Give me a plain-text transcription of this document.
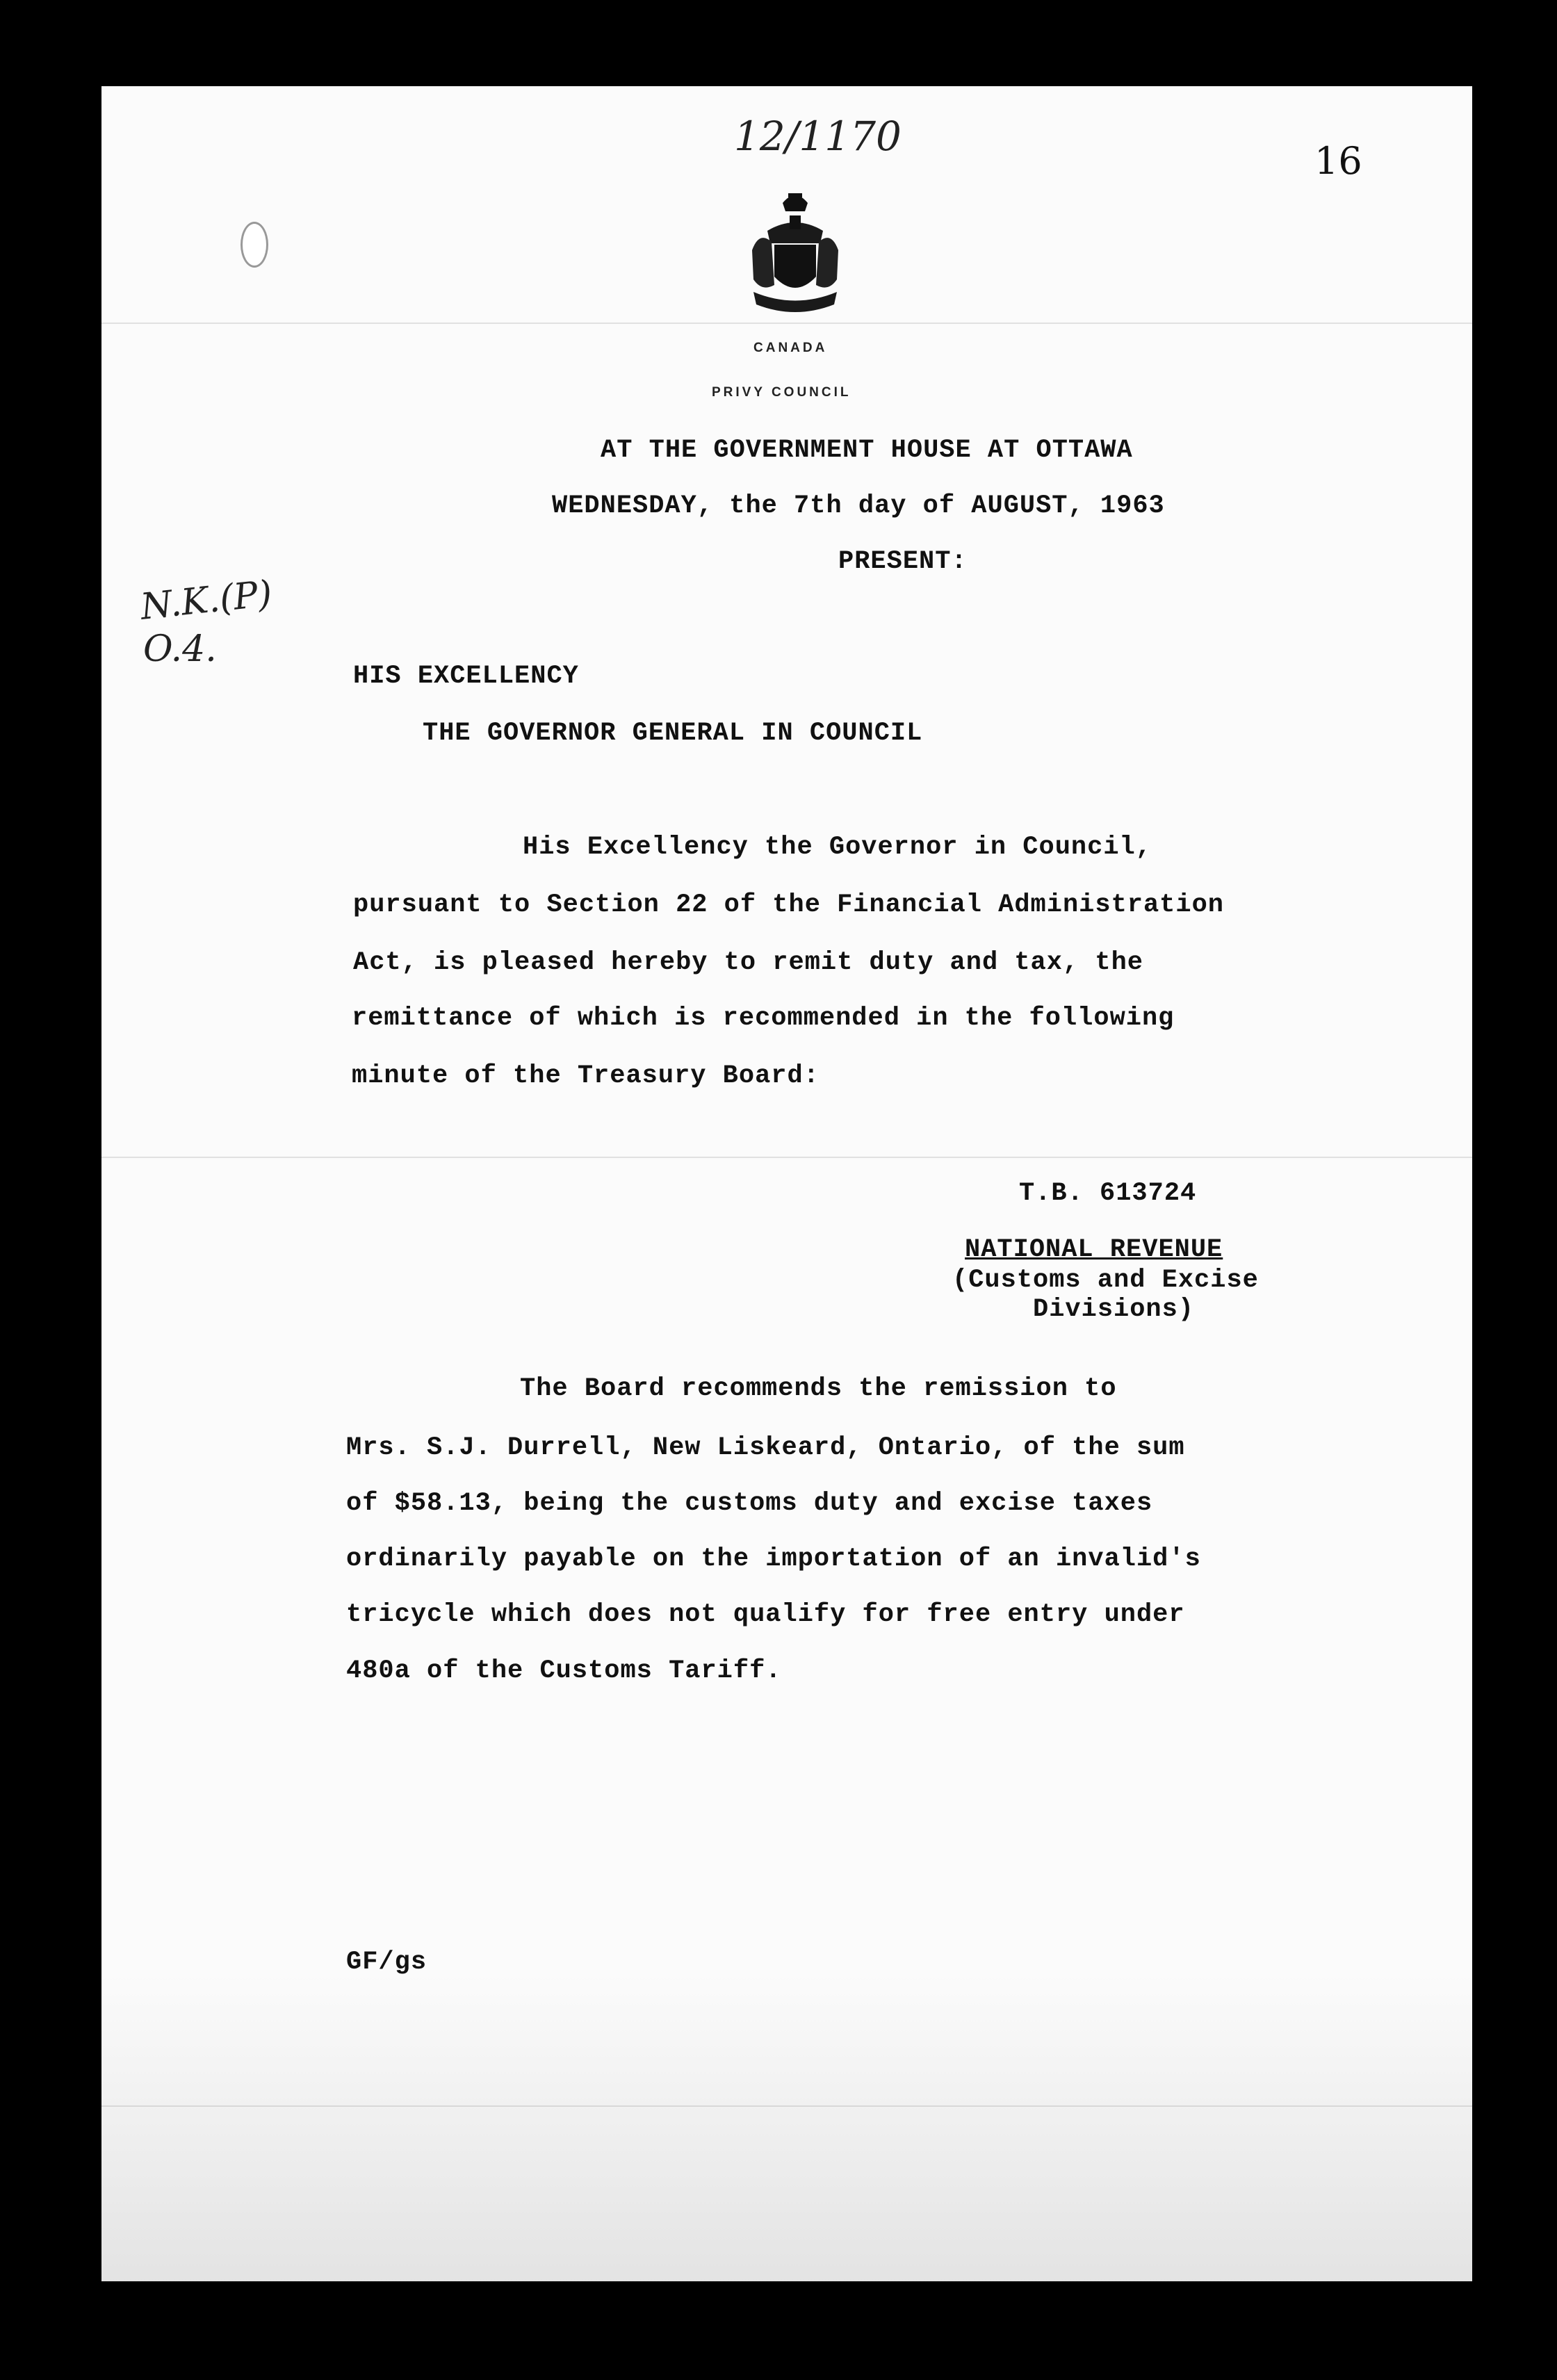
12/1170
16
N.K.(P)
O.4.
CANADA
PRIVY COUNCIL
AT THE GOVERNMENT HOUSE AT OTTAWA
WEDNESDAY, the 7th day of AUGUST, 1963
PRESENT:
HIS EXCELLENCY
THE GOVERNOR GENERAL IN COUNCIL
His Excellency the Governor in Council,
pursuant to Section 22 of the Financial Administration
Act, is pleased hereby to remit duty and tax, the
remittance of which is recommended in the following
minute of the Treasury Board:
T.B. 613724
NATIONAL REVENUE
(Customs and Excise
Divisions)
The Board recommends the remission to
Mrs. S.J. Durrell, New Liskeard, Ontario, of the sum
of $58.13, being the customs duty and excise taxes
ordinarily payable on the importation of an invalid's
tricycle which does not qualify for free entry under
480a of the Customs Tariff.
GF/gs
